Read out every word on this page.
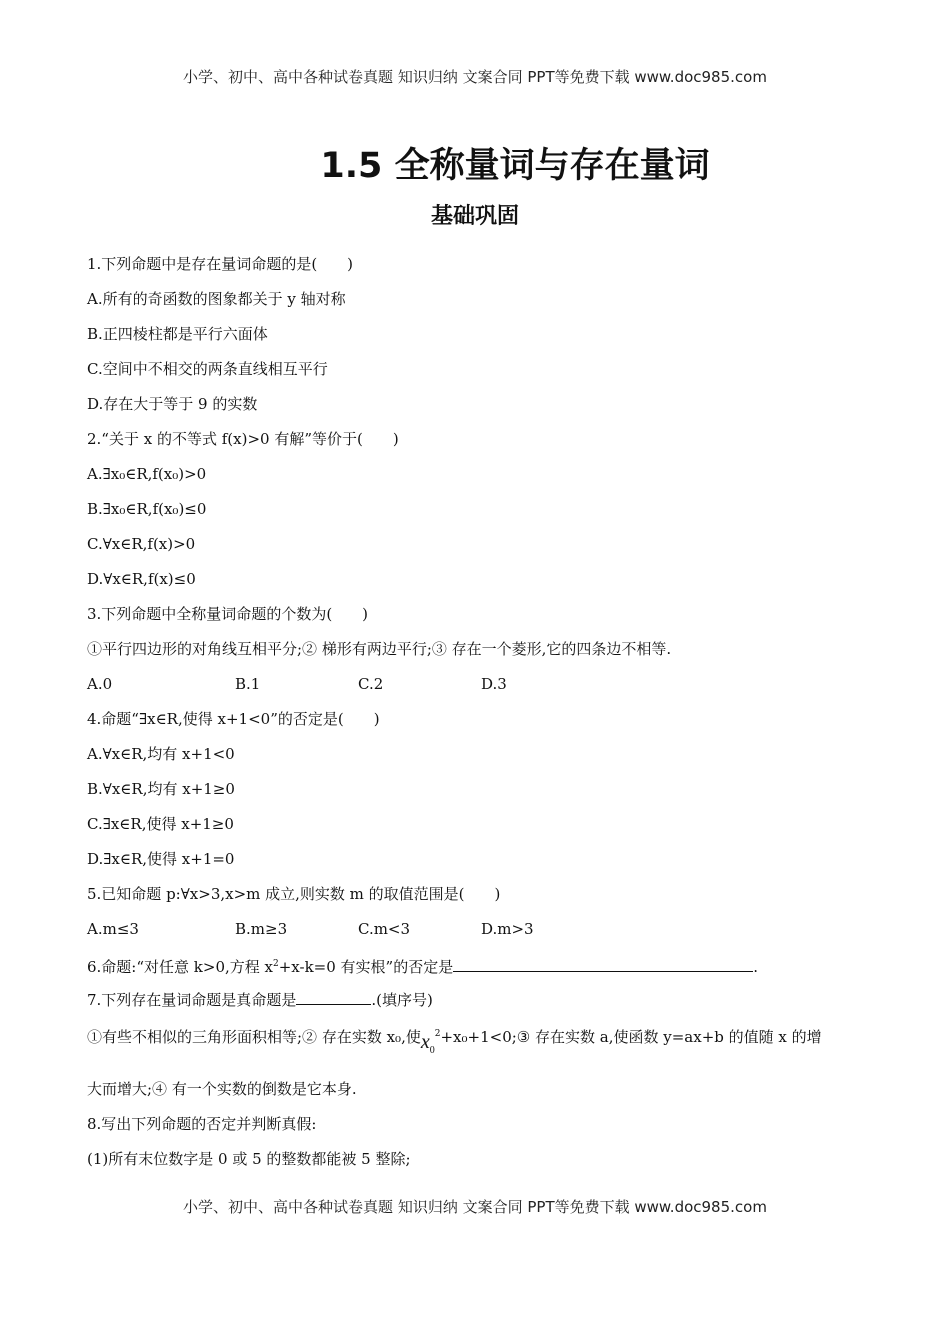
小学、初中、高中各种试卷真题 知识归纳 文案合同 PPT等免费下载 www.doc985.com
1.5 全称量词与存在量词
基础巩固
1.下列命题中是存在量词命题的是(　　)
A.所有的奇函数的图象都关于 y 轴对称
B.正四棱柱都是平行六面体
C.空间中不相交的两条直线相互平行
D.存在大于等于 9 的实数
2.“关于 x 的不等式 f(x)>0 有解”等价于(　　)
A.∃x₀∈R,f(x₀)>0
B.∃x₀∈R,f(x₀)≤0
C.∀x∈R,f(x)>0
D.∀x∈R,f(x)≤0
3.下列命题中全称量词命题的个数为(　　)
①平行四边形的对角线互相平分;② 梯形有两边平行;③ 存在一个菱形,它的四条边不相等.
A.0	B.1	C.2	D.3
4.命题“∃x∈R,使得 x+1<0”的否定是(　　)
A.∀x∈R,均有 x+1<0
B.∀x∈R,均有 x+1≥0
C.∃x∈R,使得 x+1≥0
D.∃x∈R,使得 x+1=0
5.已知命题 p:∀x>3,x>m 成立,则实数 m 的取值范围是(　　)
A.m≤3	B.m≥3	C.m<3	D.m>3
6.命题:“对任意 k>0,方程 $x^2+x-k=0$ 有实根”的否定是	.
7.下列存在量词命题是真命题是	.(填序号)
①有些不相似的三角形面积相等;② 存在实数 x₀,使$x_0^2+x_0+1<0;③$ 存在实数 a,使函数 y=ax+b 的值随 x 的增
大而增大;④ 有一个实数的倒数是它本身.
8.写出下列命题的否定并判断真假:
(1)所有末位数字是 0 或 5 的整数都能被 5 整除;
小学、初中、高中各种试卷真题 知识归纳 文案合同 PPT等免费下载 www.doc985.com
